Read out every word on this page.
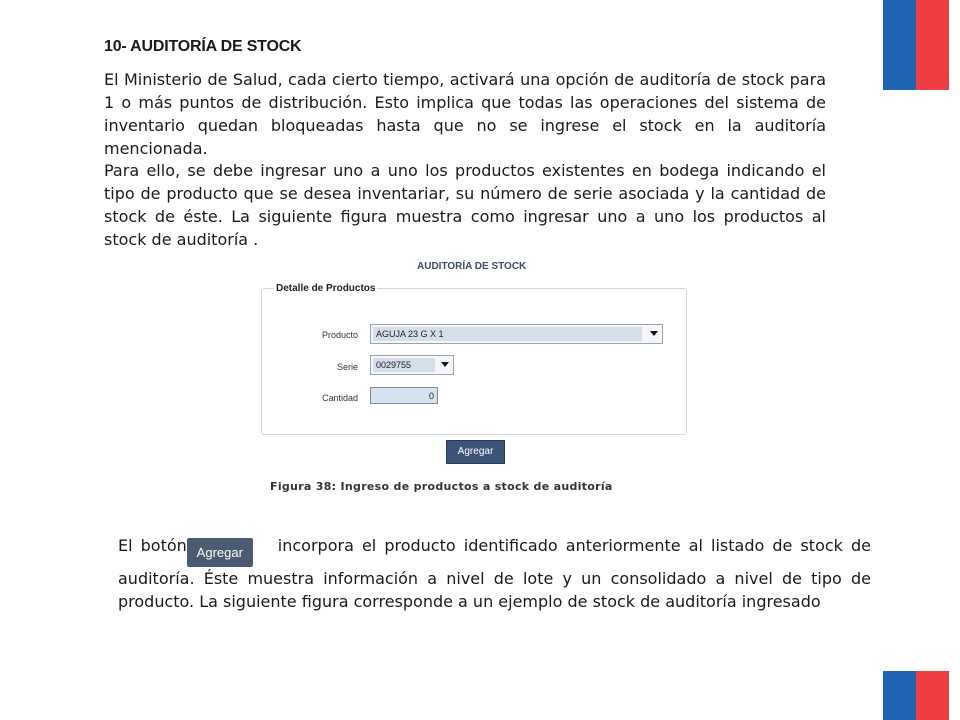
10- AUDITORÍA DE STOCK

El Ministerio de Salud, cada cierto tiempo, activará una opción de auditoría de stock para 1 o más puntos de distribución. Esto implica que todas las operaciones del sistema de inventario quedan bloqueadas hasta que no se ingrese el stock en la auditoría mencionada.

Para ello, se debe ingresar uno a uno los productos existentes en bodega indicando el tipo de producto que se desea inventariar, su número de serie asociada y la cantidad de stock de éste. La siguiente figura muestra como ingresar uno a uno los productos al stock de auditoría .

AUDITORÍA DE STOCK
Detalle de Productos
Producto	AGUJA 23 G X 1
Serie	0029755
Cantidad	0
Agregar
Figura 38: Ingreso de productos a stock de auditoría

El botón Agregar incorpora el producto identificado anteriormente al listado de stock de auditoría. Éste muestra información a nivel de lote y un consolidado a nivel de tipo de producto. La siguiente figura corresponde a un ejemplo de stock de auditoría ingresado
